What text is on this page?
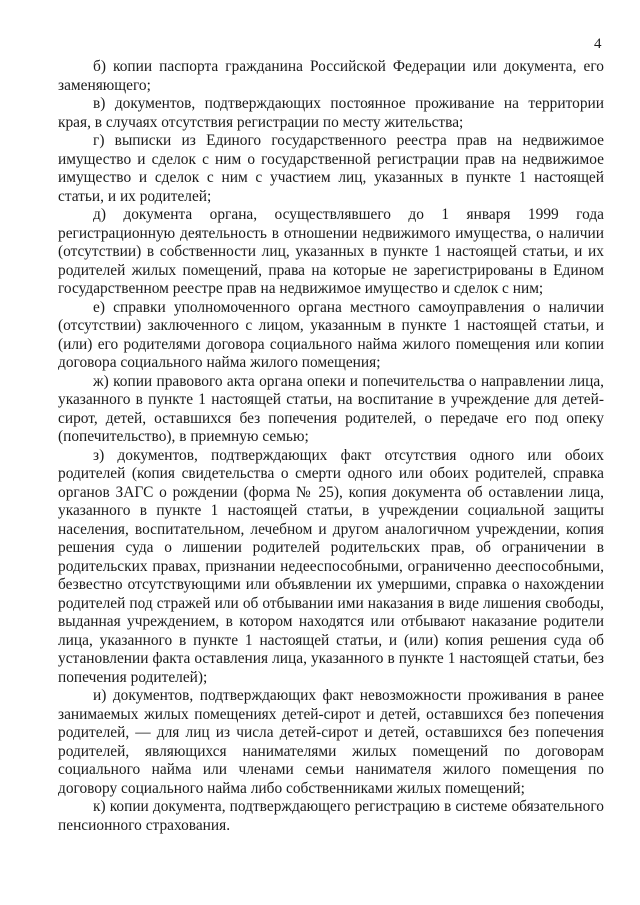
4

б) копии паспорта гражданина Российской Федерации или документа, его заменяющего;

в) документов, подтверждающих постоянное проживание на территории края, в случаях отсутствия регистрации по месту жительства;

г) выписки из Единого государственного реестра прав на недвижимое имущество и сделок с ним о государственной регистрации прав на недвижимое имущество и сделок с ним с участием лиц, указанных в пункте 1 настоящей статьи, и их родителей;

д) документа органа, осуществлявшего до 1 января 1999 года регистрационную деятельность в отношении недвижимого имущества, о наличии (отсутствии) в собственности лиц, указанных в пункте 1 настоящей статьи, и их родителей жилых помещений, права на которые не зарегистрированы в Едином государственном реестре прав на недвижимое имущество и сделок с ним;

е) справки уполномоченного органа местного самоуправления о наличии (отсутствии) заключенного с лицом, указанным в пункте 1 настоящей статьи, и (или) его родителями договора социального найма жилого помещения или копии договора социального найма жилого помещения;

ж) копии правового акта органа опеки и попечительства о направлении лица, указанного в пункте 1 настоящей статьи, на воспитание в учреждение для детей-сирот, детей, оставшихся без попечения родителей, о передаче его под опеку (попечительство), в приемную семью;

з) документов, подтверждающих факт отсутствия одного или обоих родителей (копия свидетельства о смерти одного или обоих родителей, справка органов ЗАГС о рождении (форма № 25), копия документа об оставлении лица, указанного в пункте 1 настоящей статьи, в учреждении социальной защиты населения, воспитательном, лечебном и другом аналогичном учреждении, копия решения суда о лишении родителей родительских прав, об ограничении в родительских правах, признании недееспособными, ограниченно дееспособными, безвестно отсутствующими или объявлении их умершими, справка о нахождении родителей под стражей или об отбывании ими наказания в виде лишения свободы, выданная учреждением, в котором находятся или отбывают наказание родители лица, указанного в пункте 1 настоящей статьи, и (или) копия решения суда об установлении факта оставления лица, указанного в пункте 1 настоящей статьи, без попечения родителей);

и) документов, подтверждающих факт невозможности проживания в ранее занимаемых жилых помещениях детей-сирот и детей, оставшихся без попечения родителей, — для лиц из числа детей-сирот и детей, оставшихся без попечения родителей, являющихся нанимателями жилых помещений по договорам социального найма или членами семьи нанимателя жилого помещения по договору социального найма либо собственниками жилых помещений;

к) копии документа, подтверждающего регистрацию в системе обязательного пенсионного страхования.
